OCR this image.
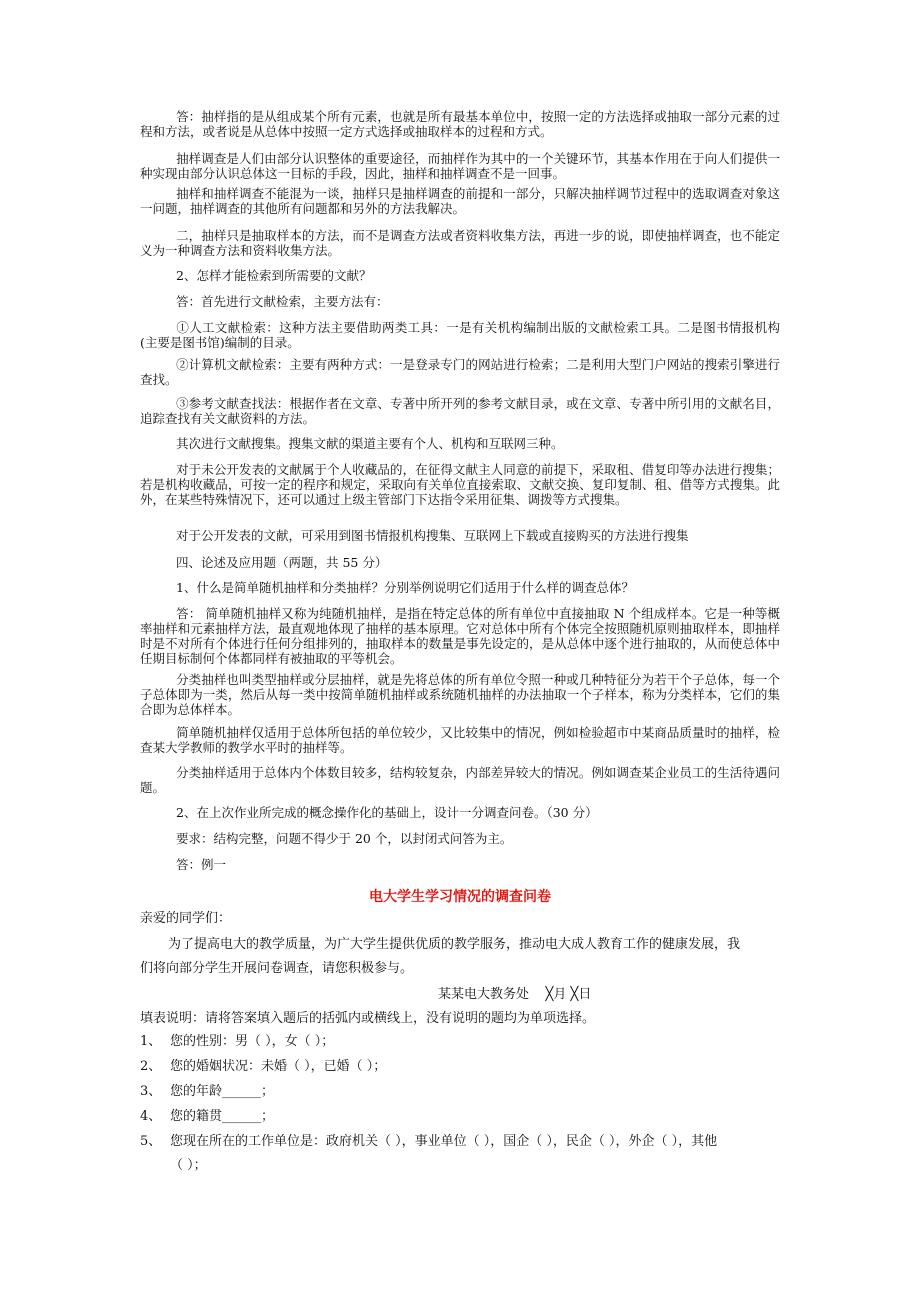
答：抽样指的是从组成某个所有元素，也就是所有最基本单位中，按照一定的方法选择或抽取一部分元素的过程和方法，或者说是从总体中按照一定方式选择或抽取样本的过程和方式。

抽样调查是人们由部分认识整体的重要途径，而抽样作为其中的一个关键环节，其基本作用在于向人们提供一种实现由部分认识总体这一目标的手段，因此，抽样和抽样调查不是一回事。

抽样和抽样调查不能混为一谈，抽样只是抽样调查的前提和一部分，只解决抽样调节过程中的选取调查对象这一问题，抽样调查的其他所有问题都和另外的方法我解决。

二，抽样只是抽取样本的方法，而不是调查方法或者资料收集方法，再进一步的说，即使抽样调查，也不能定义为一种调查方法和资料收集方法。

2、怎样才能检索到所需要的文献？

答：首先进行文献检索，主要方法有：

①人工文献检索：这种方法主要借助两类工具：一是有关机构编制出版的文献检索工具。二是图书情报机构(主要是图书馆)编制的目录。

②计算机文献检索：主要有两种方式：一是登录专门的网站进行检索；二是利用大型门户网站的搜索引擎进行查找。

③参考文献查找法：根据作者在文章、专著中所开列的参考文献目录，或在文章、专著中所引用的文献名目，追踪查找有关文献资料的方法。

其次进行文献搜集。搜集文献的渠道主要有个人、机构和互联网三种。

对于未公开发表的文献属于个人收藏品的，在征得文献主人同意的前提下，采取租、借复印等办法进行搜集；若是机构收藏品，可按一定的程序和规定，采取向有关单位直接索取、文献交换、复印复制、租、借等方式搜集。此外，在某些特殊情况下，还可以通过上级主管部门下达指令采用征集、调拨等方式搜集。

对于公开发表的文献，可采用到图书情报机构搜集、互联网上下载或直接购买的方法进行搜集

四、论述及应用题（两题，共 55 分）

1、什么是简单随机抽样和分类抽样？分别举例说明它们适用于什么样的调查总体？

答： 简单随机抽样又称为纯随机抽样，是指在特定总体的所有单位中直接抽取 N 个组成样本。它是一种等概率抽样和元素抽样方法，最直观地体现了抽样的基本原理。它对总体中所有个体完全按照随机原则抽取样本，即抽样时是不对所有个体进行任何分组排列的，抽取样本的数量是事先设定的，是从总体中逐个进行抽取的，从而使总体中任期目标制何个体都同样有被抽取的平等机会。

分类抽样也叫类型抽样或分层抽样，就是先将总体的所有单位令照一种或几种特征分为若干个子总体，每一个子总体即为一类，然后从每一类中按简单随机抽样或系统随机抽样的办法抽取一个子样本，称为分类样本，它们的集合即为总体样本。

简单随机抽样仅适用于总体所包括的单位较少，又比较集中的情况，例如检验超市中某商品质量时的抽样，检查某大学教师的教学水平时的抽样等。

分类抽样适用于总体内个体数目较多，结构较复杂，内部差异较大的情况。例如调查某企业员工的生活待遇问题。

2、在上次作业所完成的概念操作化的基础上，设计一分调查问卷。（30 分）

要求：结构完整，问题不得少于 20 个，以封闭式问答为主。

答：例一

电大学生学习情况的调查问卷

亲爱的同学们：

为了提高电大的教学质量，为广大学生提供优质的教学服务，推动电大成人教育工作的健康发展，我

们将向部分学生开展问卷调查，请您积极参与。

某某电大教务处    ╳月 ╳日

填表说明：请将答案填入题后的括弧内或横线上，没有说明的题均为单项选择。

1、 您的性别：男（ ），女（ ）；
2、 您的婚姻状况：未婚（ ），已婚（ ）；
3、 您的年龄______；
4、 您的籍贯______；
5、 您现在所在的工作单位是：政府机关（ ），事业单位（ ），国企（ ），民企（ ），外企（ ），其他
（ ）；
